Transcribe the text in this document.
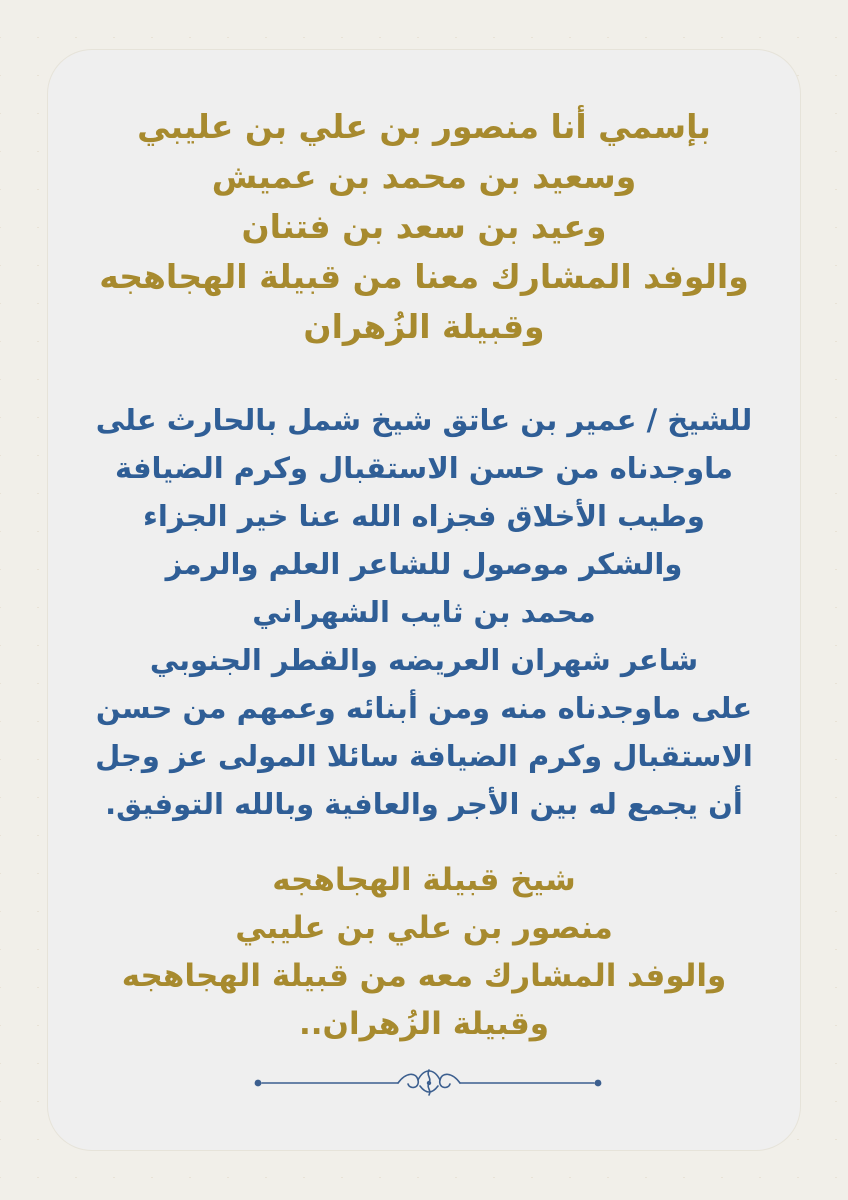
بإسمي أنا منصور بن علي بن عليبي
وسعيد بن محمد بن عميش
وعيد بن سعد بن فتنان
والوفد المشارك معنا من قبيلة الهجاهجه
وقبيلة الزُهران
للشيخ / عمير بن عاتق شيخ شمل بالحارث على
ماوجدناه من حسن الاستقبال وكرم الضيافة
وطيب الأخلاق فجزاه الله عنا خير الجزاء
والشكر موصول للشاعر العلم والرمز
محمد بن ثايب الشهراني
شاعر شهران العريضه والقطر الجنوبي
على ماوجدناه منه ومن أبنائه وعمهم من حسن
الاستقبال وكرم الضيافة سائلا المولى عز وجل
أن يجمع له بين الأجر والعافية وبالله التوفيق.
شيخ قبيلة الهجاهجه
منصور بن علي بن عليبي
والوفد المشارك معه من قبيلة الهجاهجه
وقبيلة الزُهران..
